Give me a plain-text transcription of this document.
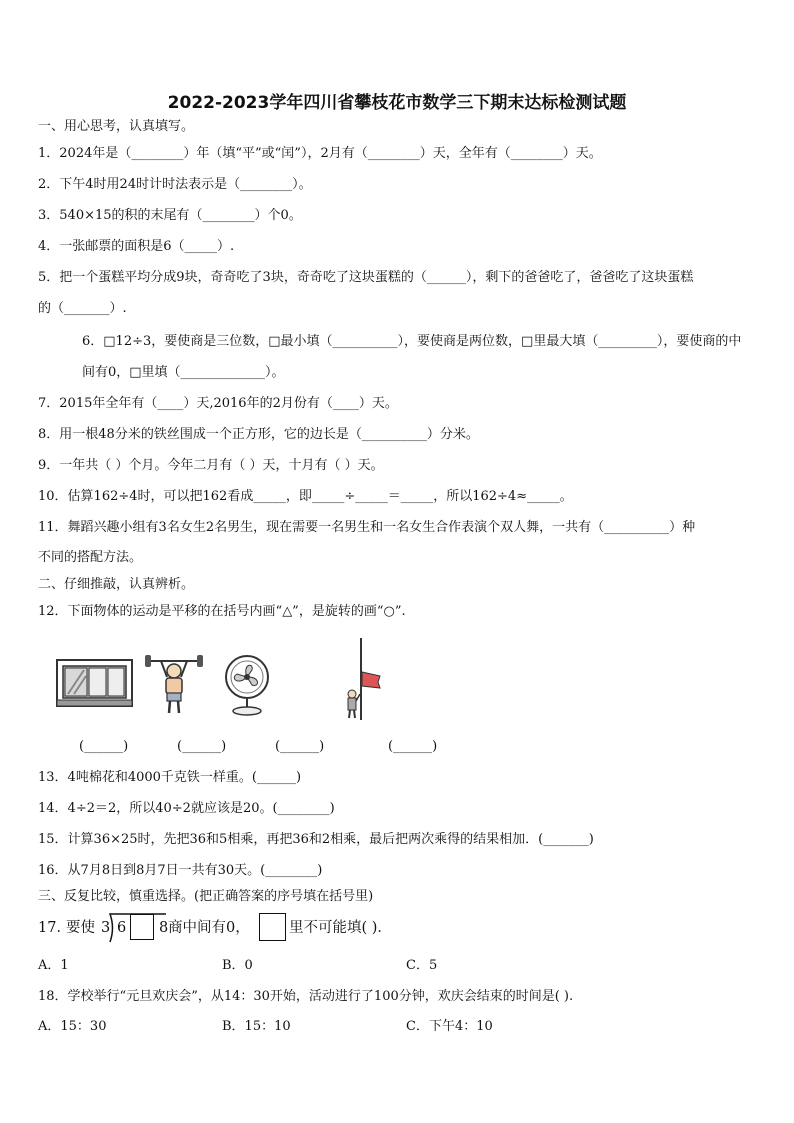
2022-2023学年四川省攀枝花市数学三下期末达标检测试题
一、用心思考，认真填写。
1．2024年是（________）年（填“平”或“闰”），2月有（________）天，全年有（________）天。
2．下午4时用24时计时法表示是（________）。
3．540×15的积的末尾有（________）个0。
4．一张邮票的面积是6（_____）.
5．把一个蛋糕平均分成9块，奇奇吃了3块，奇奇吃了这块蛋糕的（______），剩下的爸爸吃了，爸爸吃了这块蛋糕
的（_______）.
6．□12÷3，要使商是三位数，□最小填（__________），要使商是两位数，□里最大填（_________），要使商的中
间有0，□里填（_____________）。
7．2015年全年有（____）天,2016年的2月份有（____）天。
8．用一根48分米的铁丝围成一个正方形，它的边长是（__________）分米。
9．一年共（ ）个月。今年二月有（ ）天，十月有（ ）天。
10．估算162÷4时，可以把162看成_____，即_____÷_____＝_____，所以162÷4≈_____。
11．舞蹈兴趣小组有3名女生2名男生，现在需要一名男生和一名女生合作表演个双人舞，一共有（__________）种
不同的搭配方法。
二、仔细推敲，认真辨析。
12．下面物体的运动是平移的在括号内画“△”，是旋转的画“○”.
(______)	(______)	(______)	(______)
13．4吨棉花和4000千克铁一样重。(______)
14．4÷2＝2，所以40÷2就应该是20。(________)
15．计算36×25时，先把36和5相乘，再把36和2相乘，最后把两次乘得的结果相加．(_______)
16．从7月8日到8月7日一共有30天。(________)
三、反复比较，慎重选择。(把正确答案的序号填在括号里)
17．
要使 3 6 8 商中间有0，	里不可能填( )．
A．1	B．0	C．5
18．学校举行“元旦欢庆会”，从14：30开始，活动进行了100分钟，欢庆会结束的时间是( ).
A．15：30	B．15：10	C．下午4：10
